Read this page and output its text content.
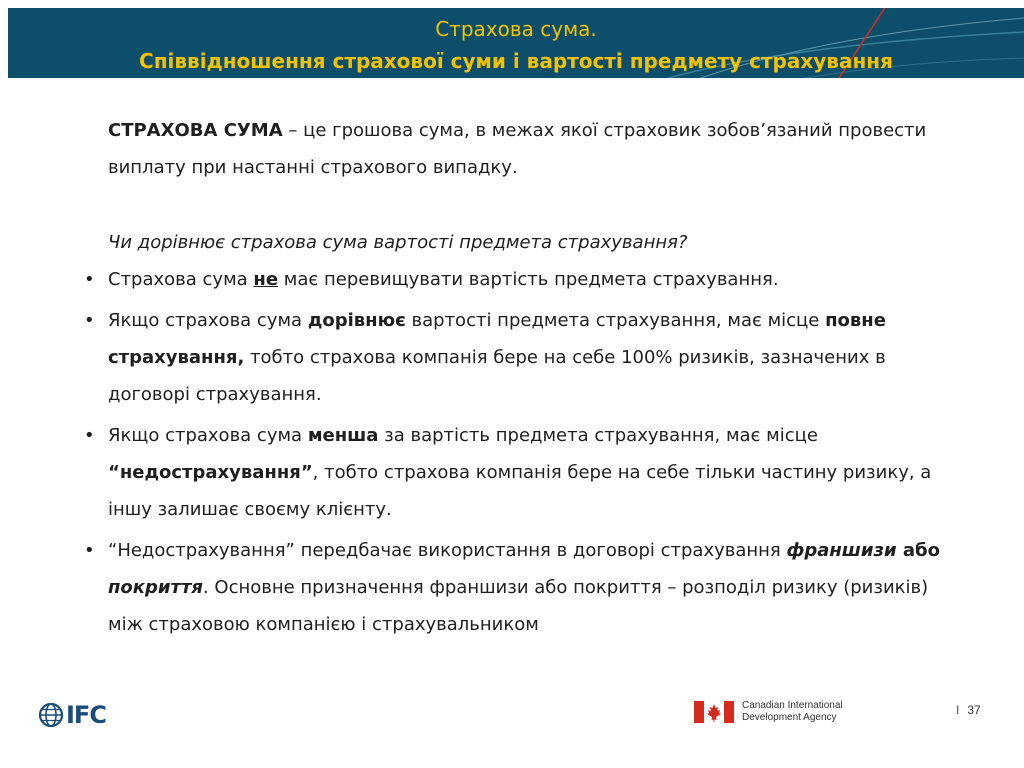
Страхова сума.
Співвідношення страхової суми і вартості предмету страхування

СТРАХОВА СУМА – це грошова сума, в межах якої страховик зобов’язаний провести виплату при настанні страхового випадку.

Чи дорівнює страхова сума вартості предмета страхування?

• Страхова сума не має перевищувати вартість предмета страхування.
• Якщо страхова сума дорівнює вартості предмета страхування, має місце повне страхування, тобто страхова компанія бере на себе 100% ризиків, зазначених в договорі страхування.
• Якщо страхова сума менша за вартість предмета страхування, має місце “недострахування”, тобто страхова компанія бере на себе тільки частину ризику, а іншу залишає своєму клієнту.
• “Недострахування” передбачає використання в договорі страхування франшизи або покриття. Основне призначення франшизи або покриття – розподіл ризику (ризиків) між страховою компанією і страхувальником
IFC	Canadian International
Development Agency
I 37
